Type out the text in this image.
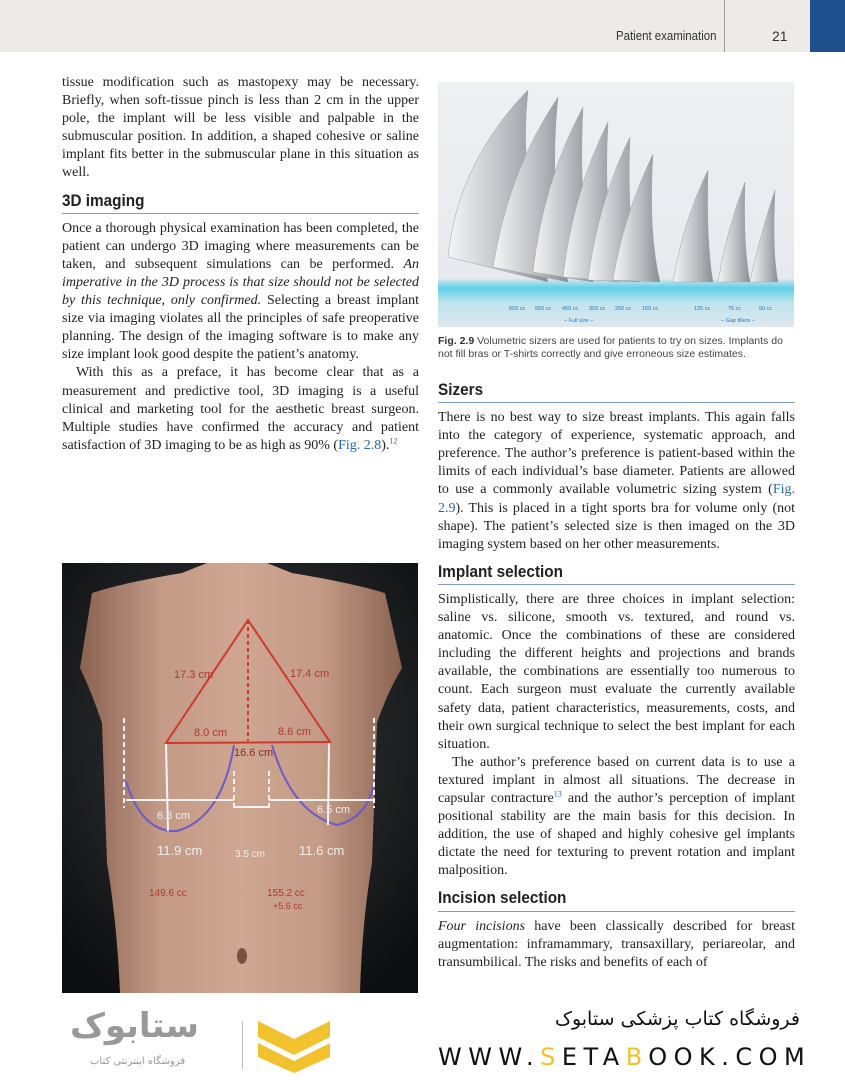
Patient examination	21

tissue modification such as mastopexy may be necessary. Briefly, when soft-tissue pinch is less than 2 cm in the upper pole, the implant will be less visible and palpable in the submuscular position. In addition, a shaped cohesive or saline implant fits better in the submuscular plane in this situation as well.

3D imaging

Once a thorough physical examination has been completed, the patient can undergo 3D imaging where measurements can be taken, and subsequent simulations can be performed. An imperative in the 3D process is that size should not be selected by this technique, only confirmed. Selecting a breast implant size via imaging violates all the principles of safe preoperative planning. The design of the imaging software is to make any size implant look good despite the patient’s anatomy.

With this as a preface, it has become clear that as a measurement and predictive tool, 3D imaging is a useful clinical and marketing tool for the aesthetic breast surgeon. Multiple studies have confirmed the accuracy and patient satisfaction of 3D imaging to be as high as 90% (Fig. 2.8).$^{12}$

17.3 cm	17.4 cm
8.0 cm	8.6 cm
16.6 cm
6.8 cm	6.5 cm
11.9 cm	3.5 cm	11.6 cm
149.6 cc	155.2 cc
+5.6 cc
650 cc 550 cc 450 cc 350 cc 250 cc 150 cc	125 cc	75 cc	50 cc
– Full size –	– Gap fillers –
Fig. 2.9 Volumetric sizers are used for patients to try on sizes. Implants do not fill bras or T-shirts correctly and give erroneous size estimates.
Sizers

There is no best way to size breast implants. This again falls into the category of experience, systematic approach, and preference. The author’s preference is patient-based within the limits of each individual’s base diameter. Patients are allowed to use a commonly available volumetric sizing system (Fig. 2.9). This is placed in a tight sports bra for volume only (not shape). The patient’s selected size is then imaged on the 3D imaging system based on her other measurements.

Implant selection

Simplistically, there are three choices in implant selection: saline vs. silicone, smooth vs. textured, and round vs. anatomic. Once the combinations of these are considered including the different heights and projections and brands available, the combinations are essentially too numerous to count. Each surgeon must evaluate the currently available safety data, patient characteristics, measurements, costs, and their own surgical technique to select the best implant for each situation.

The author’s preference based on current data is to use a textured implant in almost all situations. The decrease in capsular contracture$^{13}$ and the author’s perception of implant positional stability are the main basis for this decision. In addition, the use of shaped and highly cohesive gel implants dictate the need for texturing to prevent rotation and implant malposition.

Incision selection

Four incisions have been classically described for breast augmentation: inframammary, transaxillary, periareolar, and transumbilical. The risks and benefits of each of

ستابوک
فروشگاه اینترنتی کتاب
فروشگاه کتاب پزشکی ستابوک
WWW.SETABOOK.COM
